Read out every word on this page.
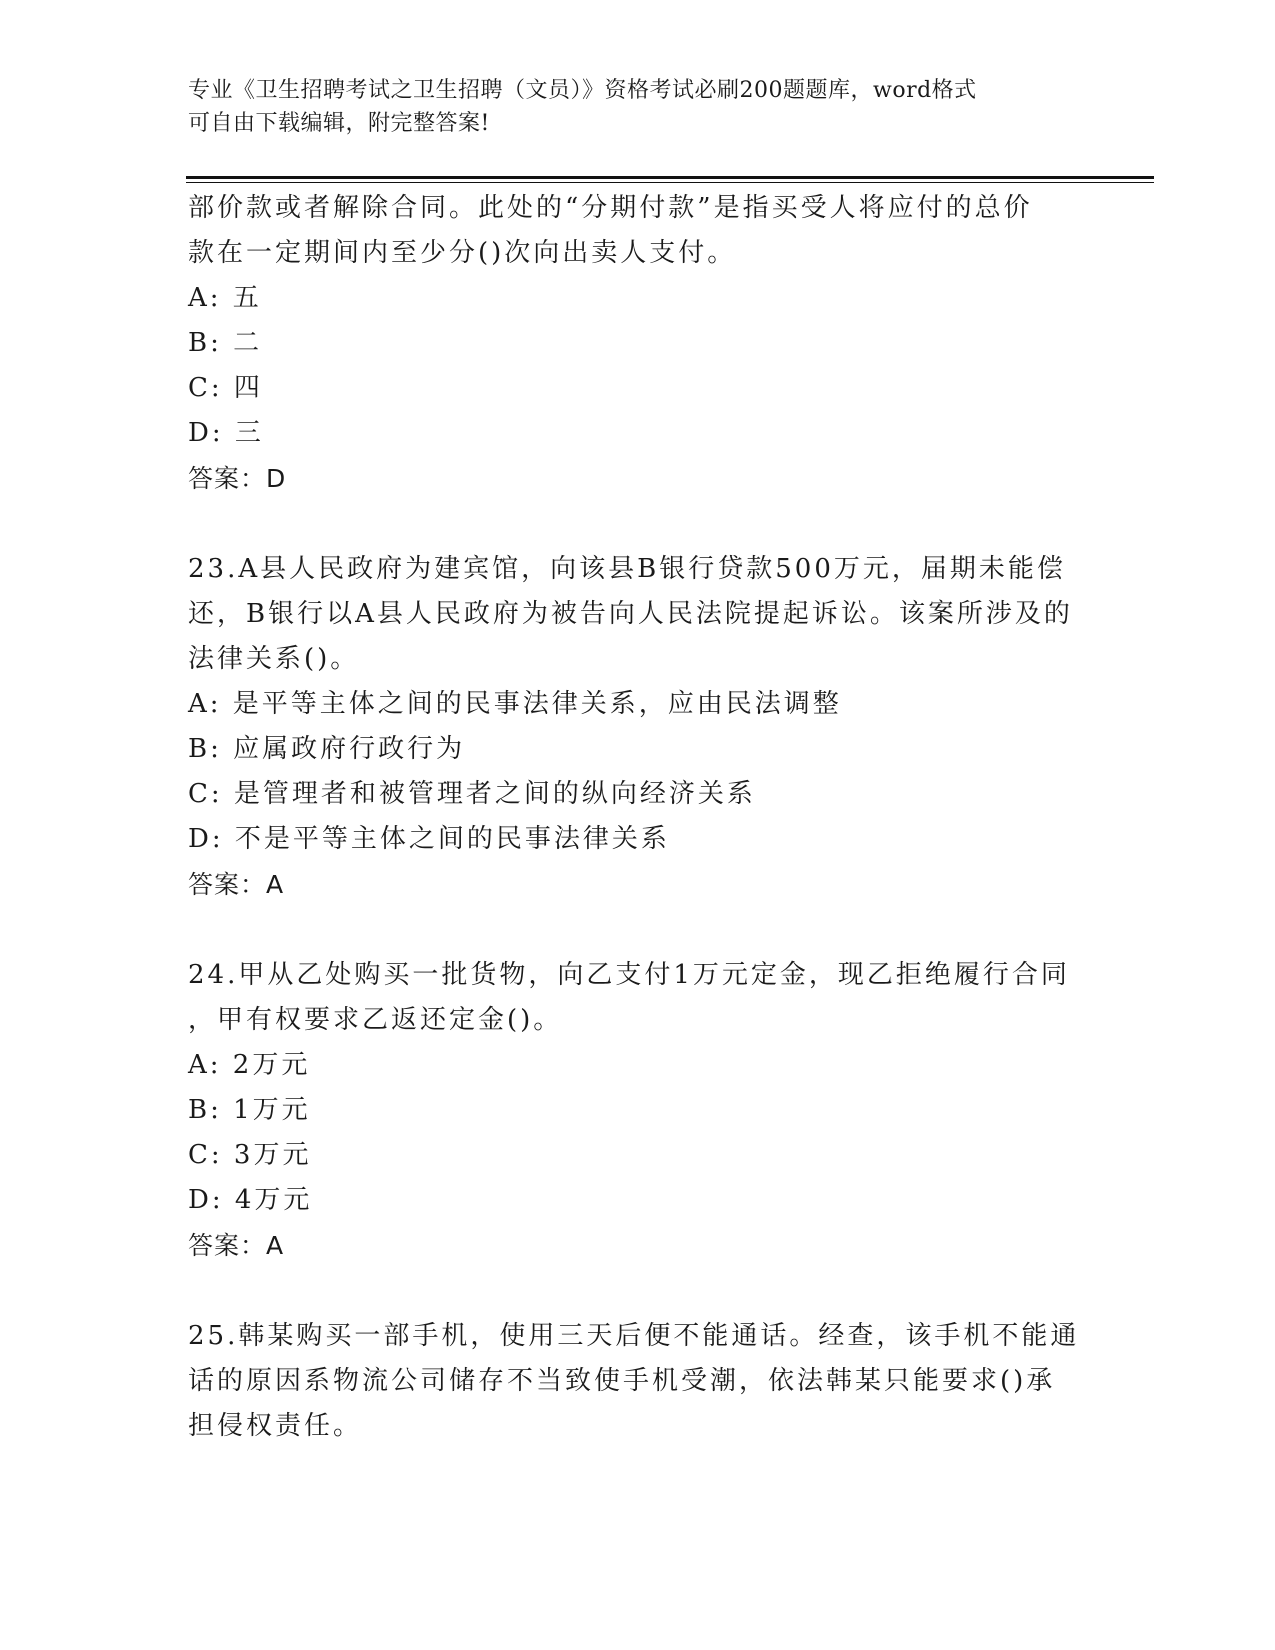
专业《卫生招聘考试之卫生招聘（文员）》资格考试必刷200题题库，word格式
可自由下载编辑，附完整答案!

部价款或者解除合同。此处的“分期付款”是指买受人将应付的总价

款在一定期间内至少分()次向出卖人支付。

A: 五

B: 二

C: 四

D: 三

答案：D

23.A县人民政府为建宾馆，向该县B银行贷款500万元，届期未能偿

还，B银行以A县人民政府为被告向人民法院提起诉讼。该案所涉及的

法律关系()。

A: 是平等主体之间的民事法律关系，应由民法调整

B: 应属政府行政行为

C: 是管理者和被管理者之间的纵向经济关系

D: 不是平等主体之间的民事法律关系

答案：A

24.甲从乙处购买一批货物，向乙支付1万元定金，现乙拒绝履行合同

，甲有权要求乙返还定金()。

A: 2万元

B: 1万元

C: 3万元

D: 4万元

答案：A

25.韩某购买一部手机，使用三天后便不能通话。经查，该手机不能通

话的原因系物流公司储存不当致使手机受潮，依法韩某只能要求()承

担侵权责任。
